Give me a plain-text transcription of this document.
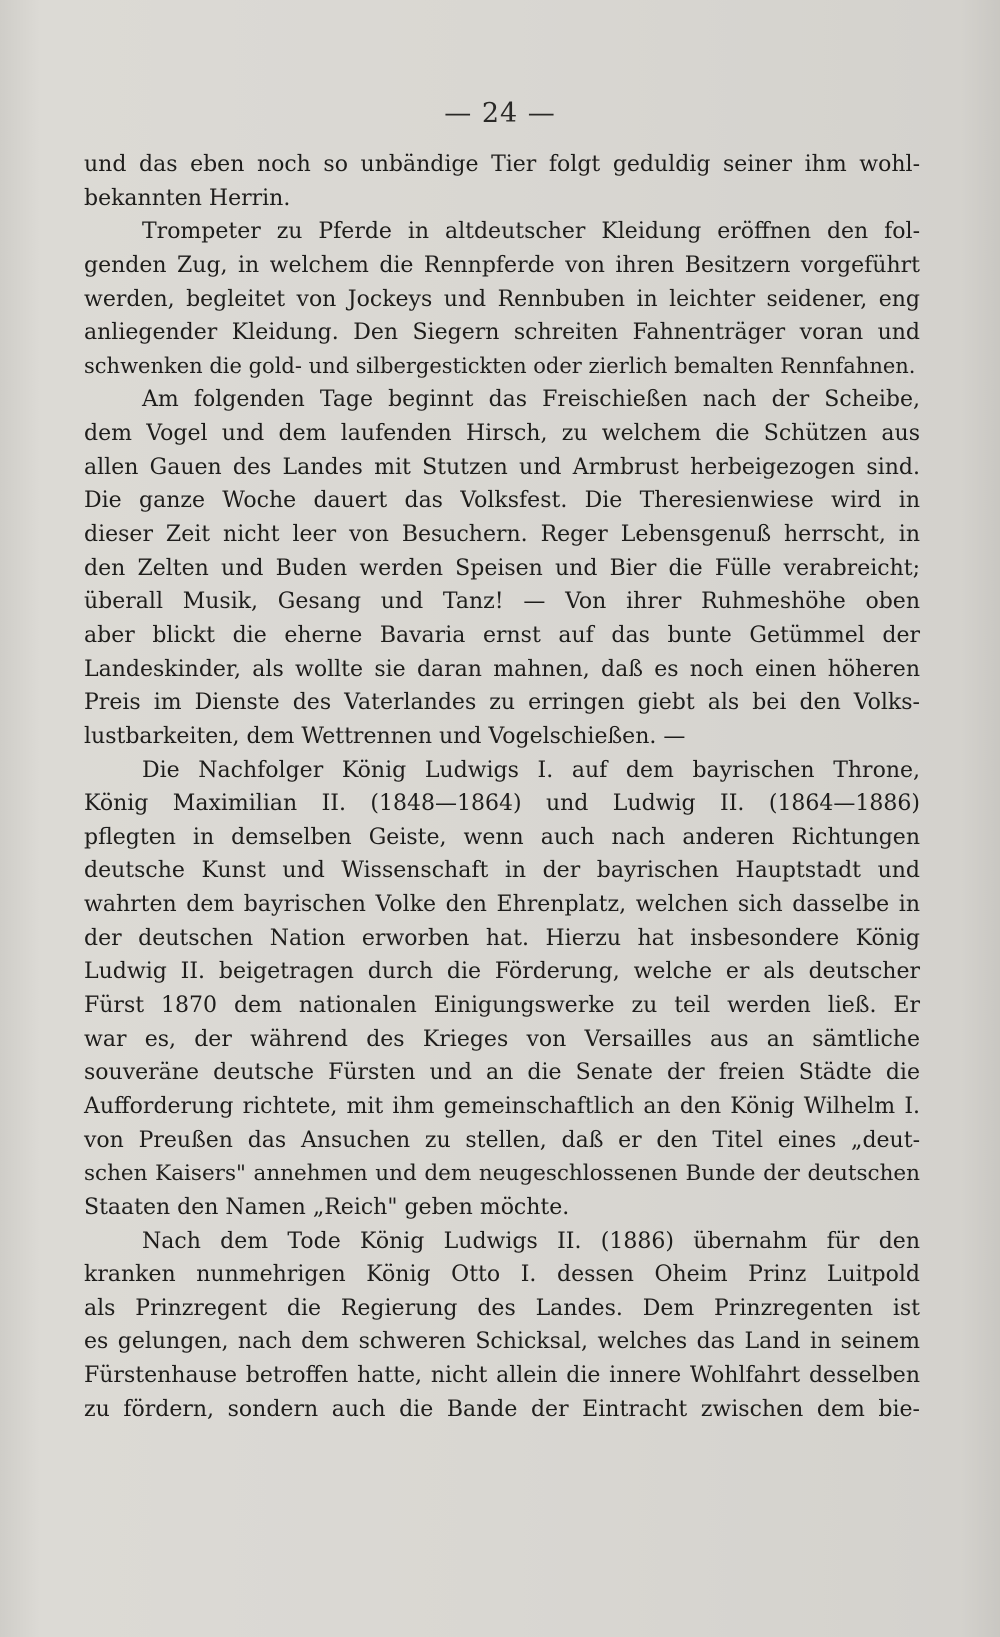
— 24 —
und das eben noch so unbändige Tier folgt geduldig seiner ihm wohl-
bekannten Herrin.
Trompeter zu Pferde in altdeutscher Kleidung eröffnen den fol-
genden Zug, in welchem die Rennpferde von ihren Besitzern vorgeführt
werden, begleitet von Jockeys und Rennbuben in leichter seidener, eng
anliegender Kleidung. Den Siegern schreiten Fahnenträger voran und
schwenken die gold- und silbergestickten oder zierlich bemalten Rennfahnen.
Am folgenden Tage beginnt das Freischießen nach der Scheibe,
dem Vogel und dem laufenden Hirsch, zu welchem die Schützen aus
allen Gauen des Landes mit Stutzen und Armbrust herbeigezogen sind.
Die ganze Woche dauert das Volksfest. Die Theresienwiese wird in
dieser Zeit nicht leer von Besuchern. Reger Lebensgenuß herrscht, in
den Zelten und Buden werden Speisen und Bier die Fülle verabreicht;
überall Musik, Gesang und Tanz! — Von ihrer Ruhmeshöhe oben
aber blickt die eherne Bavaria ernst auf das bunte Getümmel der
Landeskinder, als wollte sie daran mahnen, daß es noch einen höheren
Preis im Dienste des Vaterlandes zu erringen giebt als bei den Volks-
lustbarkeiten, dem Wettrennen und Vogelschießen. —
Die Nachfolger König Ludwigs I. auf dem bayrischen Throne,
König Maximilian II. (1848—1864) und Ludwig II. (1864—1886)
pflegten in demselben Geiste, wenn auch nach anderen Richtungen
deutsche Kunst und Wissenschaft in der bayrischen Hauptstadt und
wahrten dem bayrischen Volke den Ehrenplatz, welchen sich dasselbe in
der deutschen Nation erworben hat. Hierzu hat insbesondere König
Ludwig II. beigetragen durch die Förderung, welche er als deutscher
Fürst 1870 dem nationalen Einigungswerke zu teil werden ließ. Er
war es, der während des Krieges von Versailles aus an sämtliche
souveräne deutsche Fürsten und an die Senate der freien Städte die
Aufforderung richtete, mit ihm gemeinschaftlich an den König Wilhelm I.
von Preußen das Ansuchen zu stellen, daß er den Titel eines „deut-
schen Kaisers" annehmen und dem neugeschlossenen Bunde der deutschen
Staaten den Namen „Reich" geben möchte.
Nach dem Tode König Ludwigs II. (1886) übernahm für den
kranken nunmehrigen König Otto I. dessen Oheim Prinz Luitpold
als Prinzregent die Regierung des Landes. Dem Prinzregenten ist
es gelungen, nach dem schweren Schicksal, welches das Land in seinem
Fürstenhause betroffen hatte, nicht allein die innere Wohlfahrt desselben
zu fördern, sondern auch die Bande der Eintracht zwischen dem bie-
